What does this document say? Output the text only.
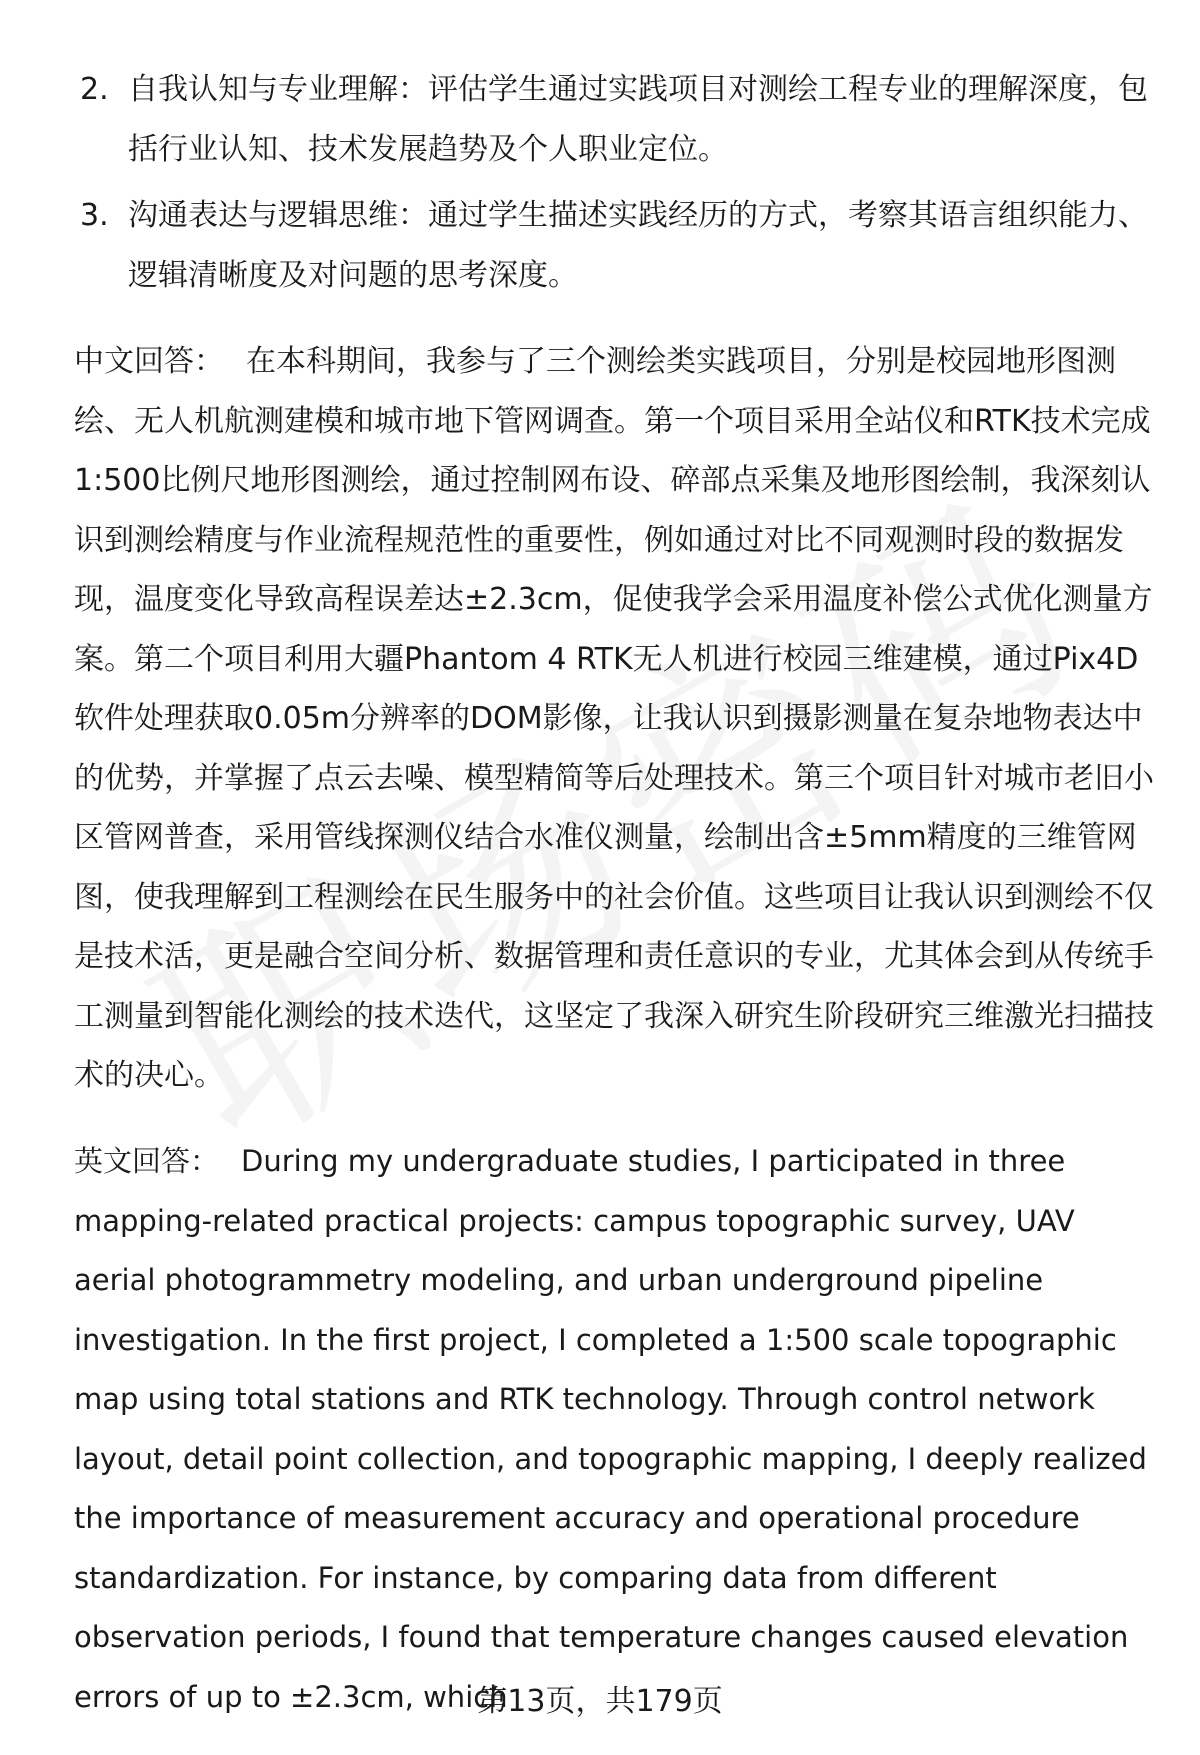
2. 自我认知与专业理解：评估学生通过实践项目对测绘工程专业的理解深度，包括行业认知、技术发展趋势及个人职业定位。
3. 沟通表达与逻辑思维：通过学生描述实践经历的方式，考察其语言组织能力、逻辑清晰度及对问题的思考深度。
中文回答： 在本科期间，我参与了三个测绘类实践项目，分别是校园地形图测绘、无人机航测建模和城市地下管网调查。第一个项目采用全站仪和RTK技术完成1:500比例尺地形图测绘，通过控制网布设、碎部点采集及地形图绘制，我深刻认识到测绘精度与作业流程规范性的重要性，例如通过对比不同观测时段的数据发现，温度变化导致高程误差达±2.3cm，促使我学会采用温度补偿公式优化测量方案。第二个项目利用大疆Phantom 4 RTK无人机进行校园三维建模，通过Pix4D软件处理获取0.05m分辨率的DOM影像，让我认识到摄影测量在复杂地物表达中的优势，并掌握了点云去噪、模型精简等后处理技术。第三个项目针对城市老旧小区管网普查，采用管线探测仪结合水准仪测量，绘制出含±5mm精度的三维管网图，使我理解到工程测绘在民生服务中的社会价值。这些项目让我认识到测绘不仅是技术活，更是融合空间分析、数据管理和责任意识的专业，尤其体会到从传统手工测量到智能化测绘的技术迭代，这坚定了我深入研究生阶段研究三维激光扫描技术的决心。
英文回答： During my undergraduate studies, I participated in three mapping-related practical projects: campus topographic survey, UAV aerial photogrammetry modeling, and urban underground pipeline investigation. In the first project, I completed a 1:500 scale topographic map using total stations and RTK technology. Through control network layout, detail point collection, and topographic mapping, I deeply realized the importance of measurement accuracy and operational procedure standardization. For instance, by comparing data from different observation periods, I found that temperature changes caused elevation errors of up to ±2.3cm, which
第13页，共179页
